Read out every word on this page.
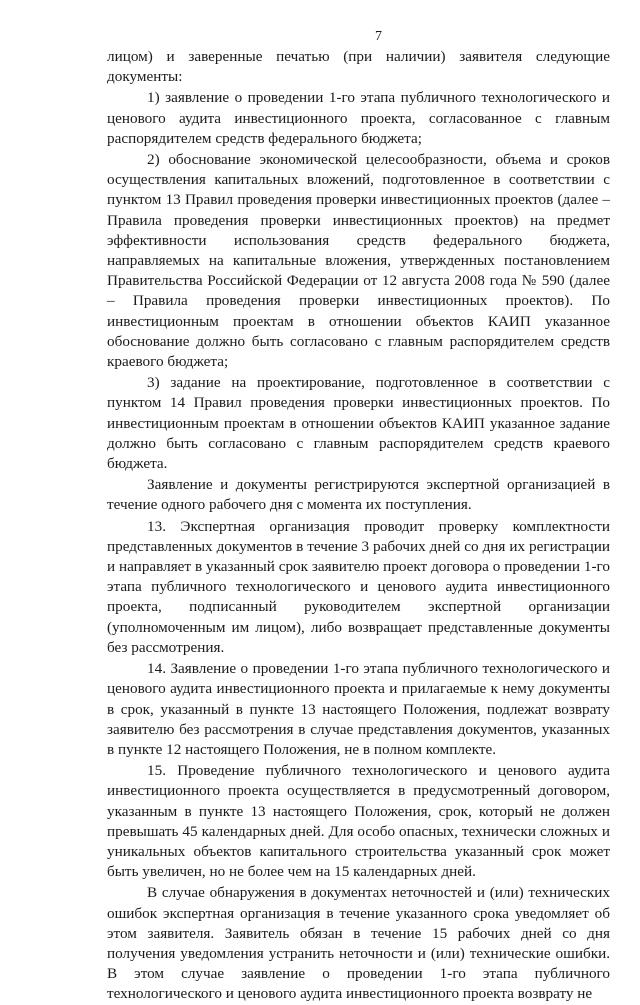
7

лицом) и заверенные печатью (при наличии) заявителя следующие документы:

1) заявление о проведении 1-го этапа публичного технологического и ценового аудита инвестиционного проекта, согласованное с главным распорядителем средств федерального бюджета;

2) обоснование экономической целесообразности, объема и сроков осуществления капитальных вложений, подготовленное в соответствии с пунктом 13 Правил проведения проверки инвестиционных проектов (далее – Правила проведения проверки инвестиционных проектов) на предмет эффективности использования средств федерального бюджета, направляемых на капитальные вложения, утвержденных постановлением Правительства Российской Федерации от 12 августа 2008 года № 590 (далее – Правила проведения проверки инвестиционных проектов). По инвестиционным проектам в отношении объектов КАИП указанное обоснование должно быть согласовано с главным распорядителем средств краевого бюджета;

3) задание на проектирование, подготовленное в соответствии с пунктом 14 Правил проведения проверки инвестиционных проектов. По инвестиционным проектам в отношении объектов КАИП указанное задание должно быть согласовано с главным распорядителем средств краевого бюджета.

Заявление и документы регистрируются экспертной организацией в течение одного рабочего дня с момента их поступления.

13. Экспертная организация проводит проверку комплектности представленных документов в течение 3 рабочих дней со дня их регистрации и направляет в указанный срок заявителю проект договора о проведении 1-го этапа публичного технологического и ценового аудита инвестиционного проекта, подписанный руководителем экспертной организации (уполномоченным им лицом), либо возвращает представленные документы без рассмотрения.

14. Заявление о проведении 1-го этапа публичного технологического и ценового аудита инвестиционного проекта и прилагаемые к нему документы в срок, указанный в пункте 13 настоящего Положения, подлежат возврату заявителю без рассмотрения в случае представления документов, указанных в пункте 12 настоящего Положения, не в полном комплекте.

15. Проведение публичного технологического и ценового аудита инвестиционного проекта осуществляется в предусмотренный договором, указанным в пункте 13 настоящего Положения, срок, который не должен превышать 45 календарных дней. Для особо опасных, технически сложных и уникальных объектов капитального строительства указанный срок может быть увеличен, но не более чем на 15 календарных дней.

В случае обнаружения в документах неточностей и (или) технических ошибок экспертная организация в течение указанного срока уведомляет об этом заявителя. Заявитель обязан в течение 15 рабочих дней со дня получения уведомления устранить неточности и (или) технические ошибки. В этом случае заявление о проведении 1-го этапа публичного технологического и ценового аудита инвестиционного проекта возврату не
